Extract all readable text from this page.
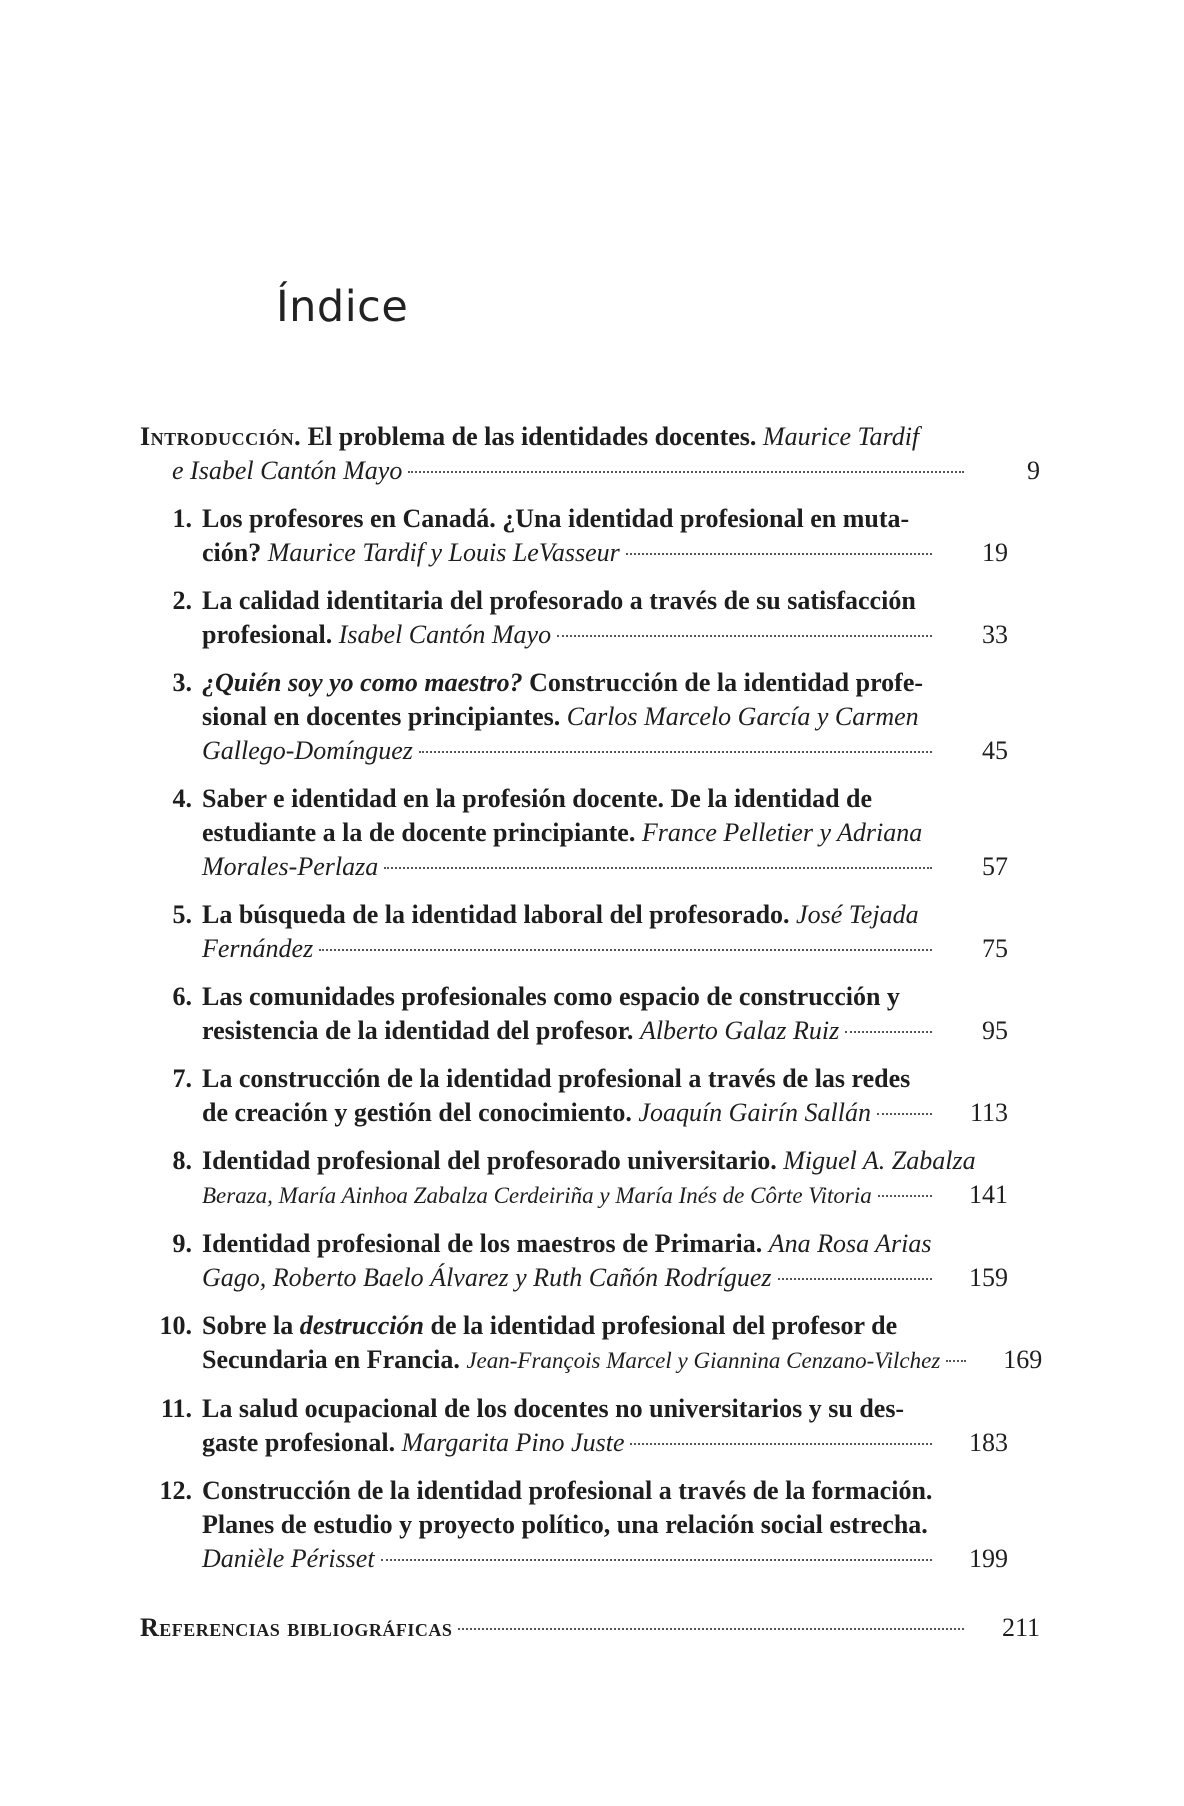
Índice
Introducción.
El problema de las identidades docentes.
Maurice Tardif
e Isabel Cantón Mayo	9
1. Los profesores en Canadá. ¿Una identidad profesional en muta-
ción?
Maurice Tardif y Louis LeVasseur	19
2. La calidad identitaria del profesorado a través de su satisfacción
profesional.
Isabel Cantón Mayo	33
3. ¿Quién soy yo como maestro?
Construcción de la identidad profe-
sional en docentes principiantes.
Carlos Marcelo García y Carmen
Gallego-Domínguez	45
4. Saber e identidad en la profesión docente. De la identidad de
estudiante a la de docente principiante.
France Pelletier y Adriana
Morales-Perlaza	57
5. La búsqueda de la identidad laboral del profesorado.
José Tejada
Fernández	75
6. Las comunidades profesionales como espacio de construcción y
resistencia de la identidad del profesor.
Alberto Galaz Ruiz	95
7. La construcción de la identidad profesional a través de las redes
de creación y gestión del conocimiento.
Joaquín Gairín Sallán	113
8. Identidad profesional del profesorado universitario.
Miguel A. Zabalza
Beraza, María Ainhoa Zabalza Cerdeiriña y María Inés de Côrte Vitoria	141
9. Identidad profesional de los maestros de Primaria.
Ana Rosa Arias
Gago, Roberto Baelo Álvarez y Ruth Cañón Rodríguez	159
10. Sobre la
destrucción
de la identidad profesional del profesor de
Secundaria en Francia.
Jean-François Marcel y Giannina Cenzano-Vilchez	169
11. La salud ocupacional de los docentes no universitarios y su des-
gaste profesional.
Margarita Pino Juste	183
12. Construcción de la identidad profesional a través de la formación.
Planes de estudio y proyecto político, una relación social estrecha.
Danièle Périsset	199
Referencias bibliográficas	211
